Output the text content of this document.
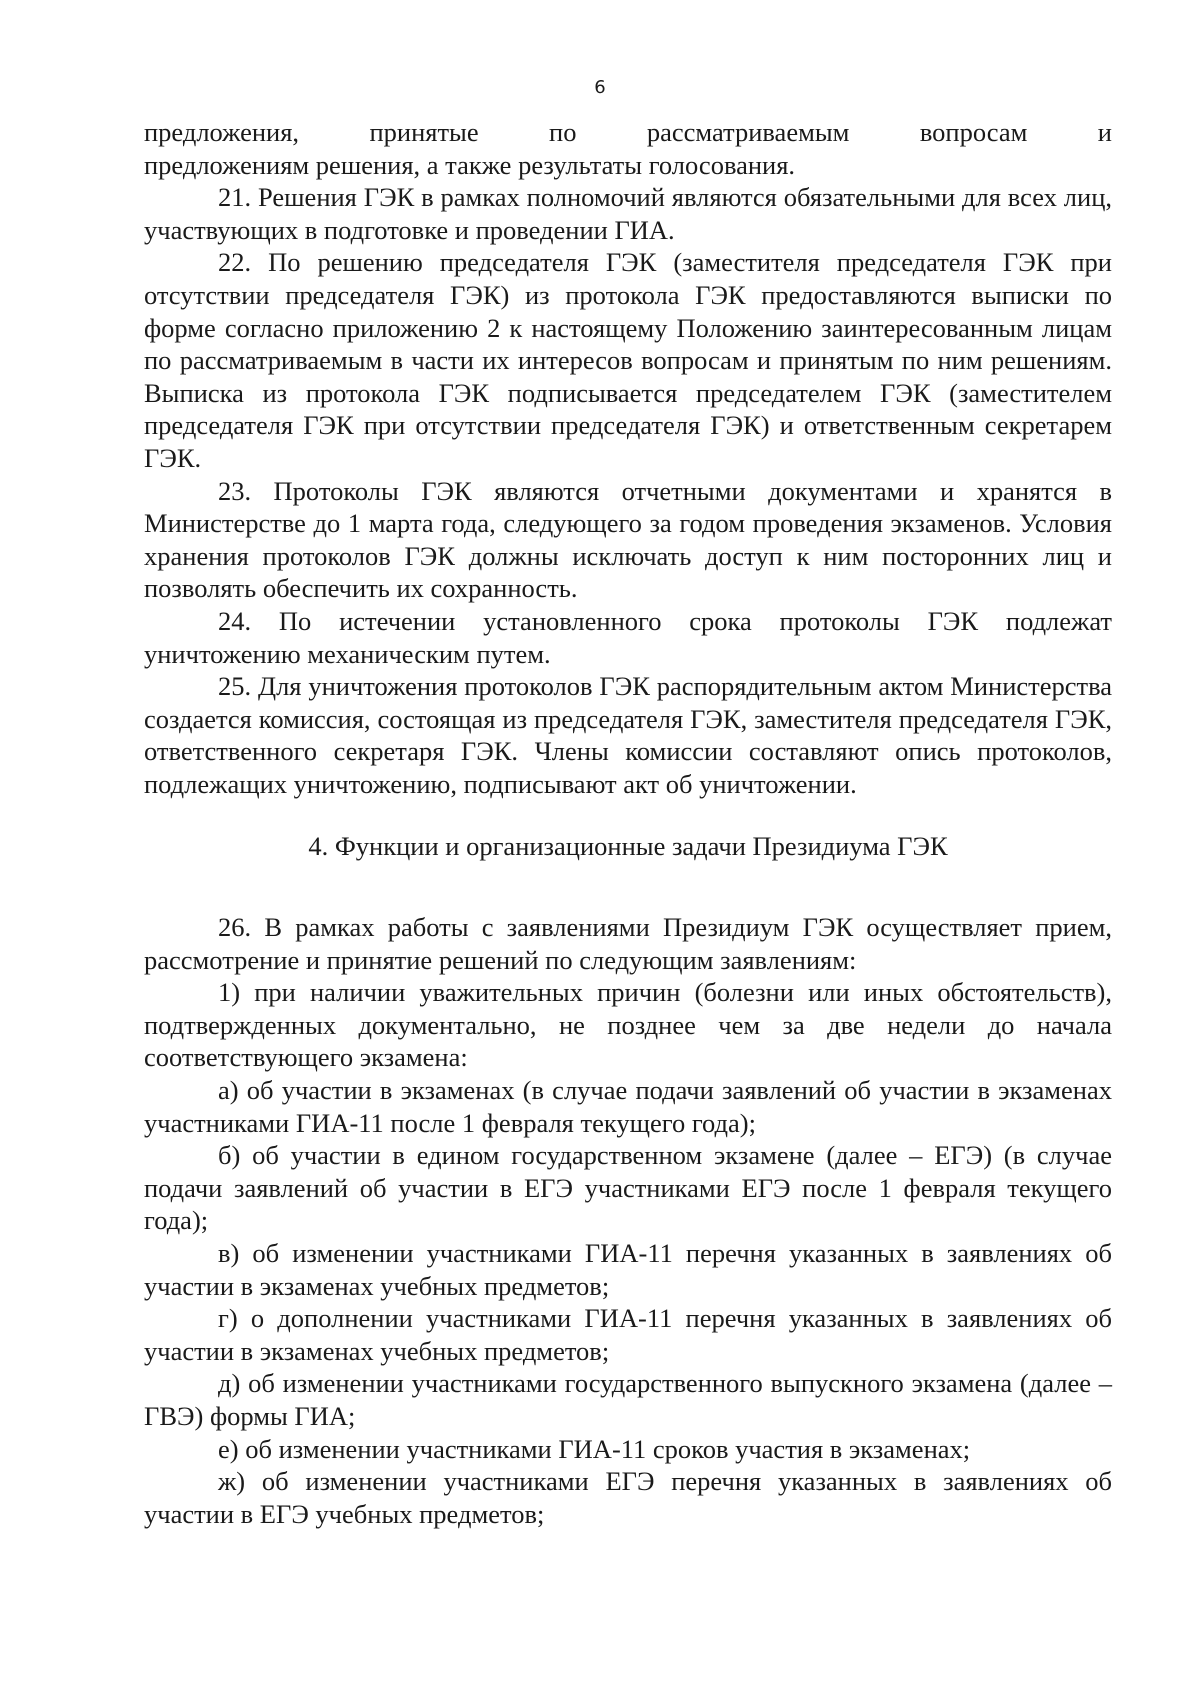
6

предложения, принятые по рассматриваемым вопросам и

предложениям решения, а также результаты голосования.

21. Решения ГЭК в рамках полномочий являются обязательными для всех лиц, участвующих в подготовке и проведении ГИА.

22. По решению председателя ГЭК (заместителя председателя ГЭК при отсутствии председателя ГЭК) из протокола ГЭК предоставляются выписки по форме согласно приложению 2 к настоящему Положению заинтересованным лицам по рассматриваемым в части их интересов вопросам и принятым по ним решениям. Выписка из протокола ГЭК подписывается председателем ГЭК (заместителем председателя ГЭК при отсутствии председателя ГЭК) и ответственным секретарем ГЭК.

23. Протоколы ГЭК являются отчетными документами и хранятся в Министерстве до 1 марта года, следующего за годом проведения экзаменов. Условия хранения протоколов ГЭК должны исключать доступ к ним посторонних лиц и позволять обеспечить их сохранность.

24. По истечении установленного срока протоколы ГЭК подлежат уничтожению механическим путем.

25. Для уничтожения протоколов ГЭК распорядительным актом Министерства создается комиссия, состоящая из председателя ГЭК, заместителя председателя ГЭК, ответственного секретаря ГЭК. Члены комиссии составляют опись протоколов, подлежащих уничтожению, подписывают акт об уничтожении.

4. Функции и организационные задачи Президиума ГЭК

26. В рамках работы с заявлениями Президиум ГЭК осуществляет прием, рассмотрение и принятие решений по следующим заявлениям:

1) при наличии уважительных причин (болезни или иных обстоятельств), подтвержденных документально, не позднее чем за две недели до начала соответствующего экзамена:

а) об участии в экзаменах (в случае подачи заявлений об участии в экзаменах участниками ГИА-11 после 1 февраля текущего года);

б) об участии в едином государственном экзамене (далее – ЕГЭ) (в случае подачи заявлений об участии в ЕГЭ участниками ЕГЭ после 1 февраля текущего года);

в) об изменении участниками ГИА-11 перечня указанных в заявлениях об участии в экзаменах учебных предметов;

г) о дополнении участниками ГИА-11 перечня указанных в заявлениях об участии в экзаменах учебных предметов;

д) об изменении участниками государственного выпускного экзамена (далее – ГВЭ) формы ГИА;

е) об изменении участниками ГИА-11 сроков участия в экзаменах;

ж) об изменении участниками ЕГЭ перечня указанных в заявлениях об участии в ЕГЭ учебных предметов;
